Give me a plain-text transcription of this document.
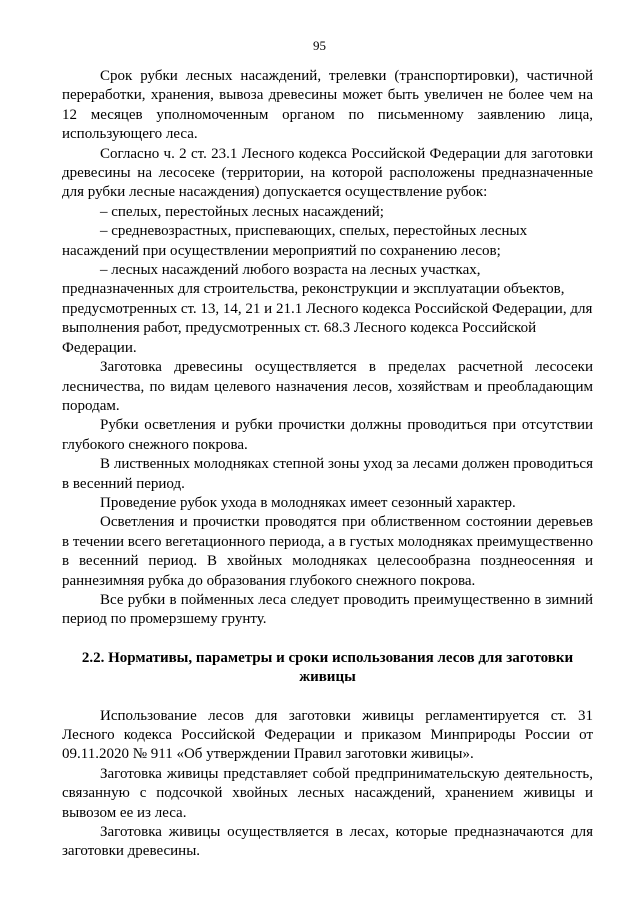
95

Срок рубки лесных насаждений, трелевки (транспортировки), частичной переработки, хранения, вывоза древесины может быть увеличен не более чем на 12 месяцев уполномоченным органом по письменному заявлению лица, использующего леса.

Согласно ч. 2 ст. 23.1 Лесного кодекса Российской Федерации для заготовки древесины на лесосеке (территории, на которой расположены предназначенные для рубки лесные насаждения) допускается осуществление рубок:

– спелых, перестойных лесных насаждений;

– средневозрастных, приспевающих, спелых, перестойных лесных насаждений при осуществлении мероприятий по сохранению лесов;

– лесных насаждений любого возраста на лесных участках, предназначенных для строительства, реконструкции и эксплуатации объектов, предусмотренных ст. 13, 14, 21 и 21.1 Лесного кодекса Российской Федерации, для выполнения работ, предусмотренных ст. 68.3 Лесного кодекса Российской Федерации.

Заготовка древесины осуществляется в пределах расчетной лесосеки лесничества, по видам целевого назначения лесов, хозяйствам и преобладающим породам.

Рубки осветления и рубки прочистки должны проводиться при отсутствии глубокого снежного покрова.

В лиственных молодняках степной зоны уход за лесами должен проводиться в весенний период.

Проведение рубок ухода в молодняках имеет сезонный характер.

Осветления и прочистки проводятся при облиственном состоянии деревьев в течении всего вегетационного периода, а в густых молодняках преимущественно в весенний период. В хвойных молодняках целесообразна позднеосенняя и раннезимняя рубка до образования глубокого снежного покрова.

Все рубки в пойменных леса следует проводить преимущественно в зимний период по промерзшему грунту.

2.2. Нормативы, параметры и сроки использования лесов для заготовки
живицы

Использование лесов для заготовки живицы регламентируется ст. 31 Лесного кодекса Российской Федерации и приказом Минприроды России от 09.11.2020 № 911 «Об утверждении Правил заготовки живицы».

Заготовка живицы представляет собой предпринимательскую деятельность, связанную с подсочкой хвойных лесных насаждений, хранением живицы и вывозом ее из леса.

Заготовка живицы осуществляется в лесах, которые предназначаются для заготовки древесины.
